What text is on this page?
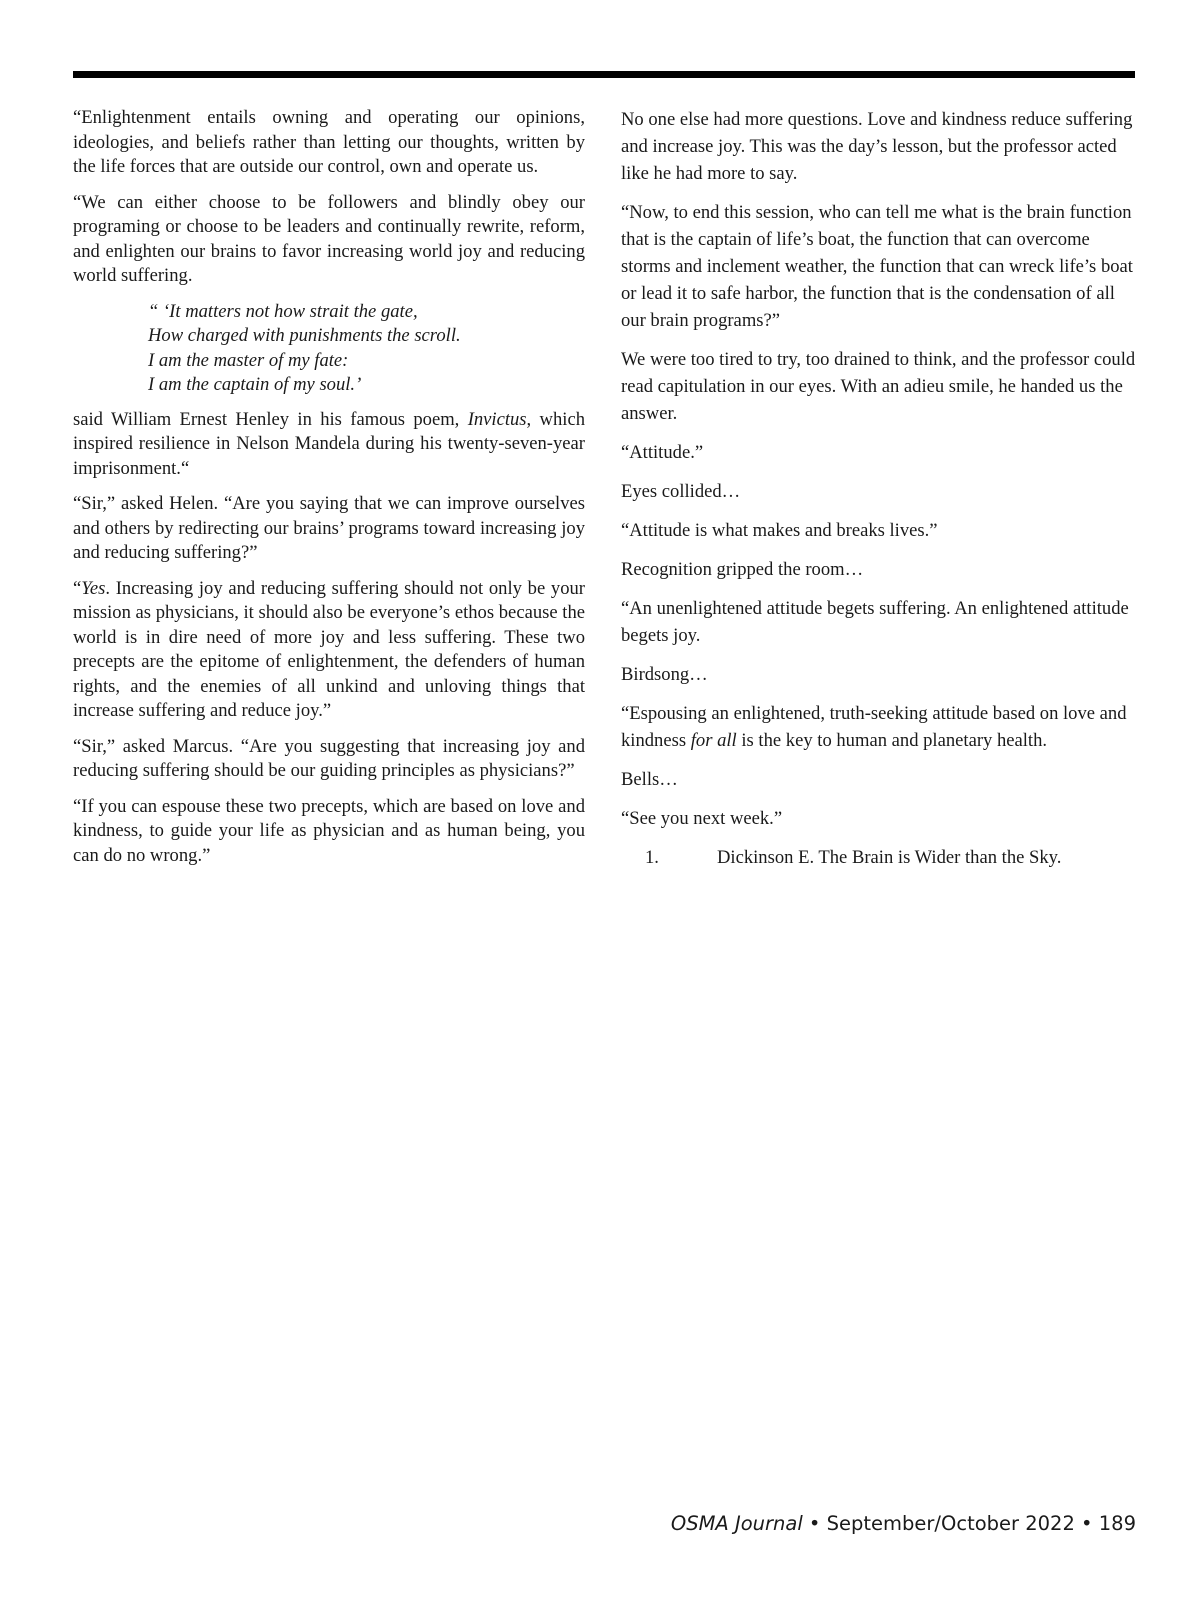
“Enlightenment entails owning and operating our opinions, ideologies, and beliefs rather than letting our thoughts, written by the life forces that are outside our control, own and operate us.

“We can either choose to be followers and blindly obey our programing or choose to be leaders and continually rewrite, reform, and enlighten our brains to favor increasing world joy and reducing world suffering.

“ ‘It matters not how strait the gate,
How charged with punishments the scroll.
I am the master of my fate:
I am the captain of my soul.’

said William Ernest Henley in his famous poem, Invictus, which inspired resilience in Nelson Mandela during his twenty-seven-year imprisonment.“

“Sir,” asked Helen. “Are you saying that we can improve ourselves and others by redirecting our brains’ programs toward increasing joy and reducing suffering?”

“Yes. Increasing joy and reducing suffering should not only be your mission as physicians, it should also be everyone’s ethos because the world is in dire need of more joy and less suffering. These two precepts are the epitome of enlightenment, the defenders of human rights, and the enemies of all unkind and unloving things that increase suffering and reduce joy.”

“Sir,” asked Marcus. “Are you suggesting that increasing joy and reducing suffering should be our guiding principles as physicians?”

“If you can espouse these two precepts, which are based on love and kindness, to guide your life as physician and as human being, you can do no wrong.”

No one else had more questions. Love and kindness reduce suffering and increase joy. This was the day’s lesson, but the professor acted like he had more to say.

“Now, to end this session, who can tell me what is the brain function that is the captain of life’s boat, the function that can overcome storms and inclement weather, the function that can wreck life’s boat or lead it to safe harbor, the function that is the condensation of all our brain programs?”

We were too tired to try, too drained to think, and the professor could read capitulation in our eyes. With an adieu smile, he handed us the answer.

“Attitude.”

Eyes collided…

“Attitude is what makes and breaks lives.”

Recognition gripped the room…

“An unenlightened attitude begets suffering. An enlightened attitude begets joy.

Birdsong…

“Espousing an enlightened, truth-seeking attitude based on love and kindness for all is the key to human and planetary health.

Bells…

“See you next week.”

1.	Dickinson E. The Brain is Wider than the Sky.
OSMA Journal • September/October 2022 • 189
